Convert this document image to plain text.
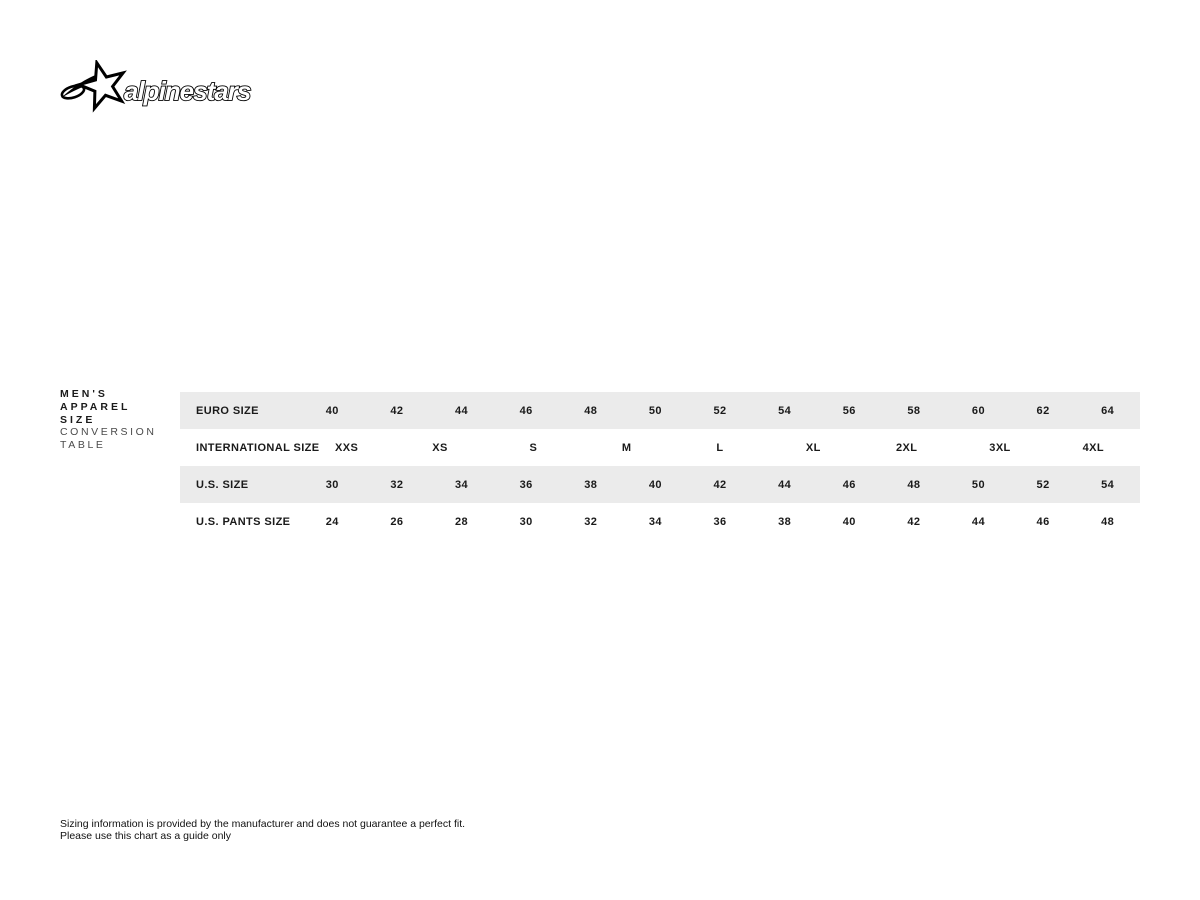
alpinestars
MEN'S
APPAREL
SIZE
CONVERSION
TABLE
EURO SIZE	40	42	44	46	48	50	52	54	56	58	60	62	64
INTERNATIONAL SIZE	XXS	XS	S	M	L	XL	2XL	3XL	4XL
U.S. SIZE	30	32	34	36	38	40	42	44	46	48	50	52	54
U.S. PANTS SIZE	24	26	28	30	32	34	36	38	40	42	44	46	48
Sizing information is provided by the manufacturer and does not guarantee a perfect fit.
Please use this chart as a guide only
